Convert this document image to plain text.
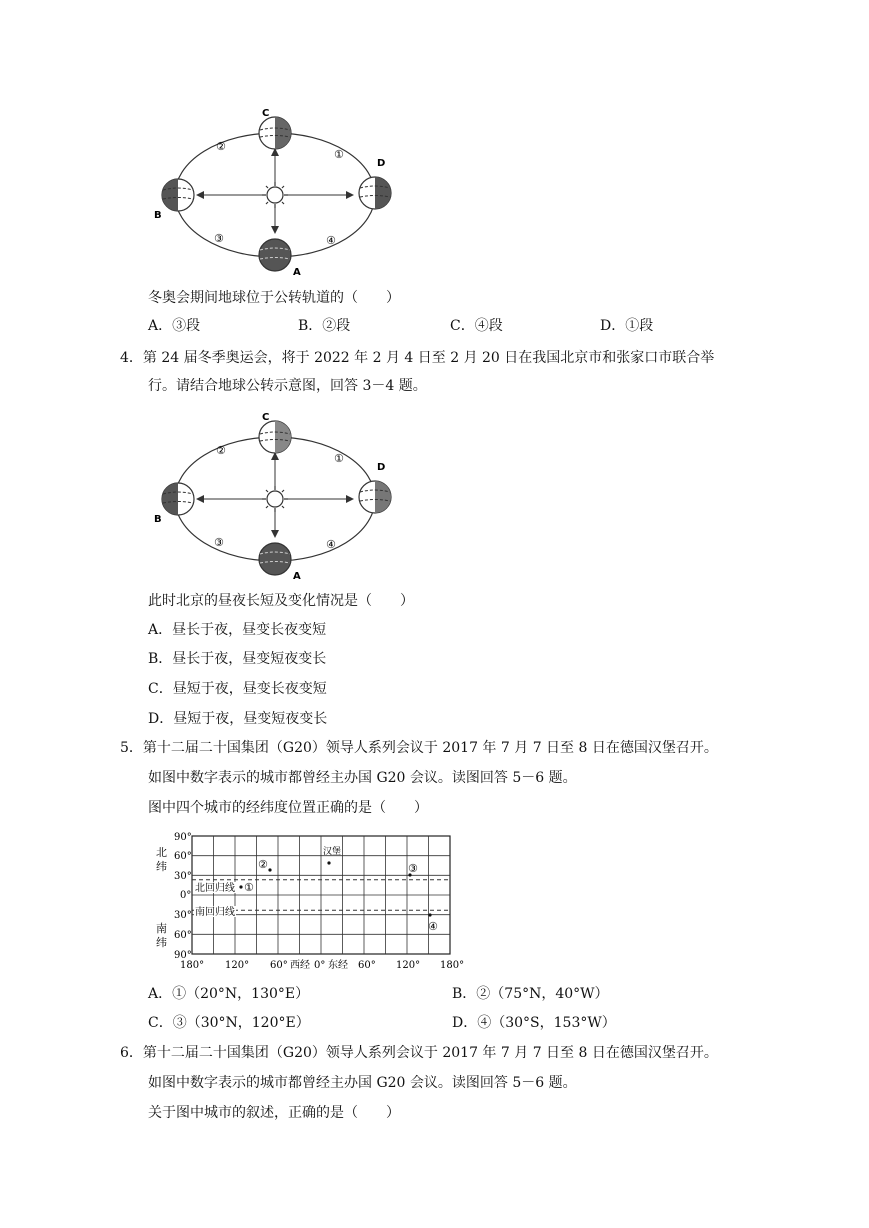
C
D
B
A
①
②
③	④
冬奥会期间地球位于公转轨道的（　　）
A．③段	B．②段	C．④段	D．①段
4．第 24 届冬季奥运会，将于 2022 年 2 月 4 日至 2 月 20 日在我国北京市和张家口市联合举
行。请结合地球公转示意图，回答 3－4 题。
C
D
B
A
①
②
③	④
此时北京的昼夜长短及变化情况是（　　）
A．昼长于夜，昼变长夜变短
B．昼长于夜，昼变短夜变长
C．昼短于夜，昼变长夜变短
D．昼短于夜，昼变短夜变长
5．第十二届二十国集团（G20）领导人系列会议于 2017 年 7 月 7 日至 8 日在德国汉堡召开。
如图中数字表示的城市都曾经主办国 G20 会议。读图回答 5－6 题。
图中四个城市的经纬度位置正确的是（　　）
北回归线
南回归线
90°
60°
30°
0°
30°
60°
90°
北
纬
南
纬
180° 120° 60° 西经 0° 东经 60° 120° 180°
汉堡
①
②	③
④
A．①（20°N，130°E）	B．②（75°N，40°W）
C．③（30°N，120°E）	D．④（30°S，153°W）
6．第十二届二十国集团（G20）领导人系列会议于 2017 年 7 月 7 日至 8 日在德国汉堡召开。
如图中数字表示的城市都曾经主办国 G20 会议。读图回答 5－6 题。
关于图中城市的叙述，正确的是（　　）
